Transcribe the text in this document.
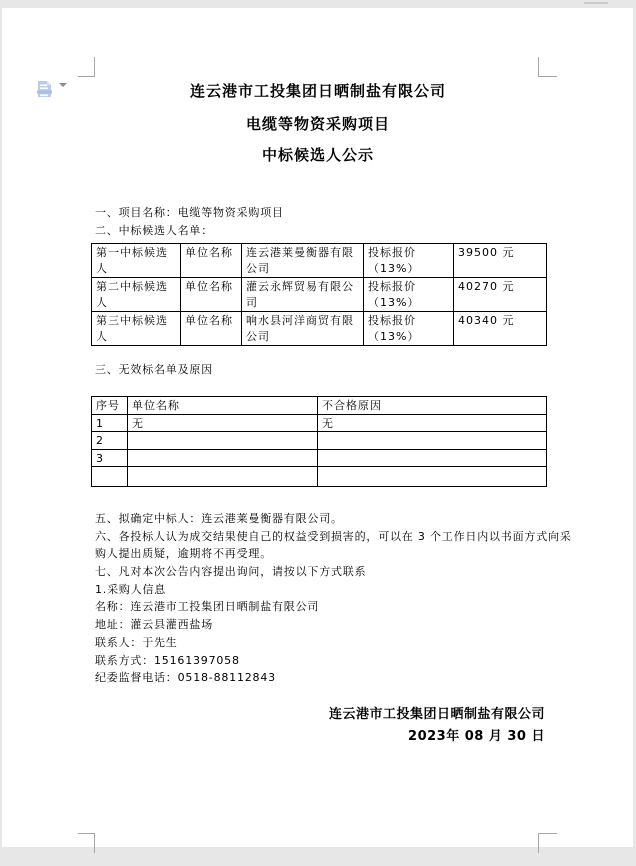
连云港市工投集团日晒制盐有限公司
电缆等物资采购项目
中标候选人公示
一、项目名称：电缆等物资采购项目
二、中标候选人名单：
第一中标候选人	单位名称	连云港莱曼衡器有限公司	投标报价（13%）	39500 元
第二中标候选人	单位名称	灌云永辉贸易有限公司	投标报价（13%）	40270 元
第三中标候选人	单位名称	响水县河洋商贸有限公司	投标报价（13%）	40340 元
三、无效标名单及原因
序号	单位名称	不合格原因
1	无	无
2		
3		

五、拟确定中标人：连云港莱曼衡器有限公司。
六、各投标人认为成交结果使自己的权益受到损害的，可以在 3 个工作日内以书面方式向采
购人提出质疑，逾期将不再受理。
七、凡对本次公告内容提出询问，请按以下方式联系
1.采购人信息
名称：连云港市工投集团日晒制盐有限公司
地址：灌云县灌西盐场
联系人：于先生
联系方式：15161397058
纪委监督电话：0518-88112843
连云港市工投集团日晒制盐有限公司
2023年 08 月 30 日
